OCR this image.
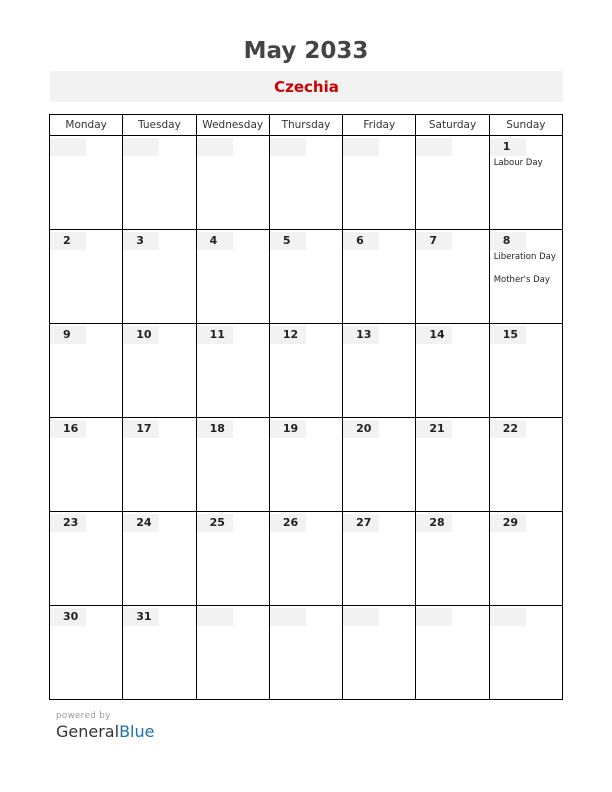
May 2033
Czechia
Monday	Tuesday	Wednesday	Thursday	Friday	Saturday	Sunday

						1
Labour Day

2	3	4	5	6	7	8
Liberation Day
Mother's Day

9	10	11	12	13	14	15

16	17	18	19	20	21	22

23	24	25	26	27	28	29

30	31					

powered by
GeneralBlue
